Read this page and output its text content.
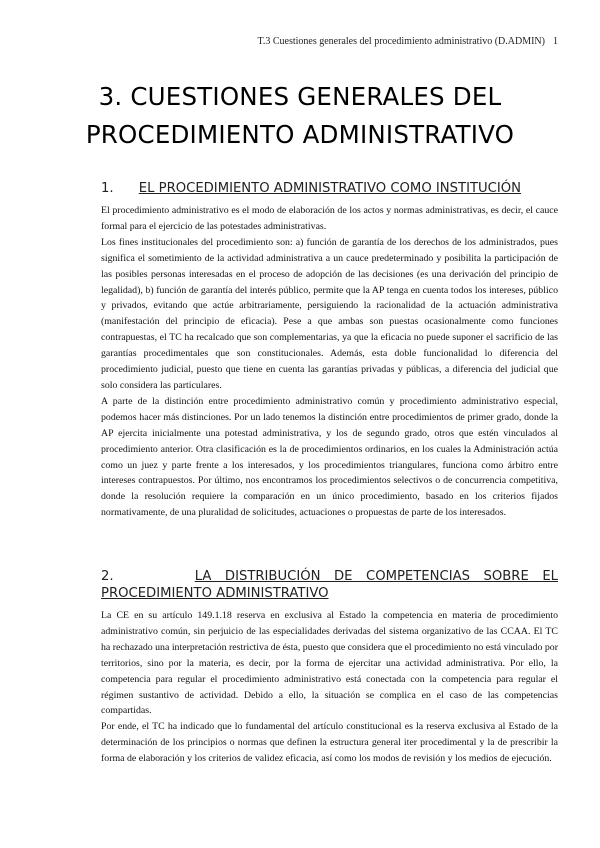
T.3 Cuestiones generales del procedimiento administrativo (D.ADMIN) 1
3. CUESTIONES GENERALES DEL
PROCEDIMIENTO ADMINISTRATIVO
1. EL PROCEDIMIENTO ADMINISTRATIVO COMO INSTITUCIÓN

El procedimiento administrativo es el modo de elaboración de los actos y normas administrativas, es decir, el cauce formal para el ejercicio de las potestades administrativas.

Los fines institucionales del procedimiento son: a) función de garantía de los derechos de los administrados, pues significa el sometimiento de la actividad administrativa a un cauce predeterminado y posibilita la participación de las posibles personas interesadas en el proceso de adopción de las decisiones (es una derivación del principio de legalidad), b) función de garantía del interés público, permite que la AP tenga en cuenta todos los intereses, público y privados, evitando que actúe arbitrariamente, persiguiendo la racionalidad de la actuación administrativa (manifestación del principio de eficacia). Pese a que ambas son puestas ocasionalmente como funciones contrapuestas, el TC ha recalcado que son complementarias, ya que la eficacia no puede suponer el sacrificio de las garantías procedimentales que son constitucionales. Además, esta doble funcionalidad lo diferencia del procedimiento judicial, puesto que tiene en cuenta las garantías privadas y públicas, a diferencia del judicial que solo considera las particulares.

A parte de la distinción entre procedimiento administrativo común y procedimiento administrativo especial, podemos hacer más distinciones. Por un lado tenemos la distinción entre procedimientos de primer grado, donde la AP ejercita inicialmente una potestad administrativa, y los de segundo grado, otros que estén vinculados al procedimiento anterior. Otra clasificación es la de procedimientos ordinarios, en los cuales la Administración actúa como un juez y parte frente a los interesados, y los procedimientos triangulares, funciona como árbitro entre intereses contrapuestos. Por último, nos encontramos los procedimientos selectivos o de concurrencia competitiva, donde la resolución requiere la comparación en un único procedimiento, basado en los criterios fijados normativamente, de una pluralidad de solicitudes, actuaciones o propuestas de parte de los interesados.

2.	LA DISTRIBUCIÓN DE COMPETENCIAS SOBRE EL PROCEDIMIENTO ADMINISTRATIVO

La CE en su artículo 149.1.18 reserva en exclusiva al Estado la competencia en materia de procedimiento administrativo común, sin perjuicio de las especialidades derivadas del sistema organizativo de las CCAA. El TC ha rechazado una interpretación restrictiva de ésta, puesto que considera que el procedimiento no está vinculado por territorios, sino por la materia, es decir, por la forma de ejercitar una actividad administrativa. Por ello, la competencia para regular el procedimiento administrativo está conectada con la competencia para regular el régimen sustantivo de actividad. Debido a ello, la situación se complica en el caso de las competencias compartidas.

Por ende, el TC ha indicado que lo fundamental del artículo constitucional es la reserva exclusiva al Estado de la determinación de los principios o normas que definen la estructura general iter procedimental y la de prescribir la forma de elaboración y los criterios de validez eficacia, así como los modos de revisión y los medios de ejecución.
